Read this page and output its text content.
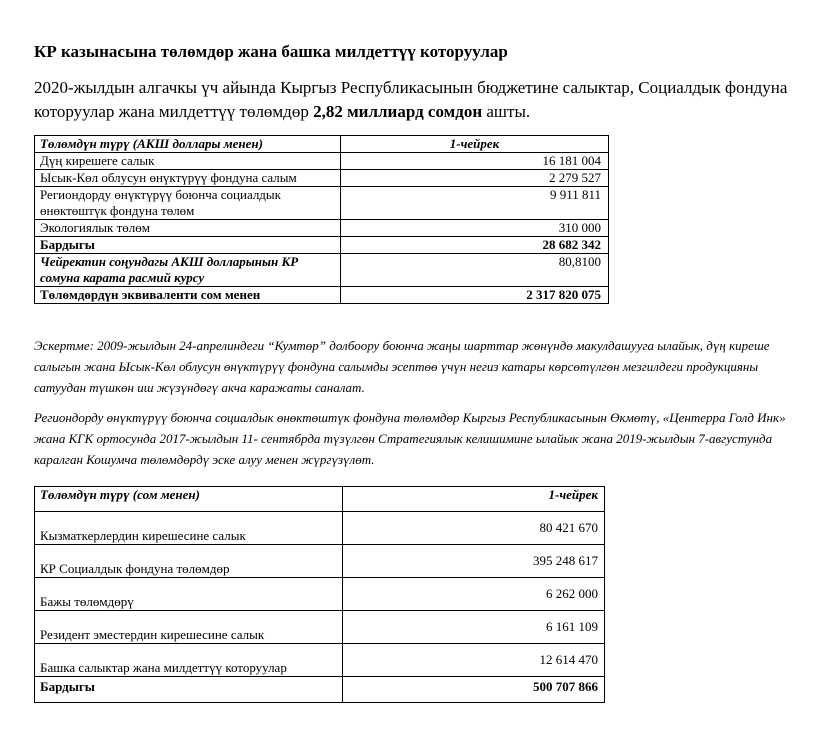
КР казынасына төлөмдөр жана башка милдеттүү которуулар
2020-жылдын алгачкы үч айында Кыргыз Республикасынын бюджетине салыктар, Социалдык фондуна которуулар жана милдеттүү төлөмдөр 2,82 миллиард сомдон ашты.
Төлөмдүн түрү (АКШ доллары менен)	1-чейрек
Дүң кирешеге салык	16 181 004
Ысык-Көл облусун өнүктүрүү фондуна салым	2 279 527
Региондорду өнүктүрүү боюнча социалдык өнөктөштүк фондуна төлөм	9 911 811
Экологиялык төлөм	310 000
Бардыгы	28 682 342
Чейректин соңундагы АКШ долларынын КР сомуна карата расмий курсу	80,8100
Төлөмдөрдүн эквиваленти сом менен	2 317 820 075
Эскертме: 2009-жылдын 24-апрелиндеги “Кумтөр” долбоору боюнча жаңы шарттар жөнүндө макулдашууга ылайык, дүң киреше салыгын жана Ысык-Көл облусун өнүктүрүү фондуна салымды эсептөө үчүн негиз катары көрсөтүлгөн мезгилдеги продукцияны сатуудан түшкөн иш жүзүндөгү акча каражаты саналат.
Региондорду өнүктүрүү боюнча социалдык өнөктөштүк фондуна төлөмдөр Кыргыз Республикасынын Өкмөтү, «Центерра Голд Инк» жана КГК ортосунда 2017-жылдын 11- сентябрда түзүлгөн Стратегиялык келишимине ылайык жана 2019-жылдын 7-августунда каралган Кошумча төлөмдөрдү эске алуу менен жүргүзүлөт.
Төлөмдүн түрү (сом менен)	1-чейрек
Кызматкерлердин кирешесине салык	80 421 670
КР Социалдык фондуна төлөмдөр	395 248 617
Бажы төлөмдөрү	6 262 000
Резидент эместердин кирешесине салык	6 161 109
Башка салыктар жана милдеттүү которуулар	12 614 470
Бардыгы	500 707 866
